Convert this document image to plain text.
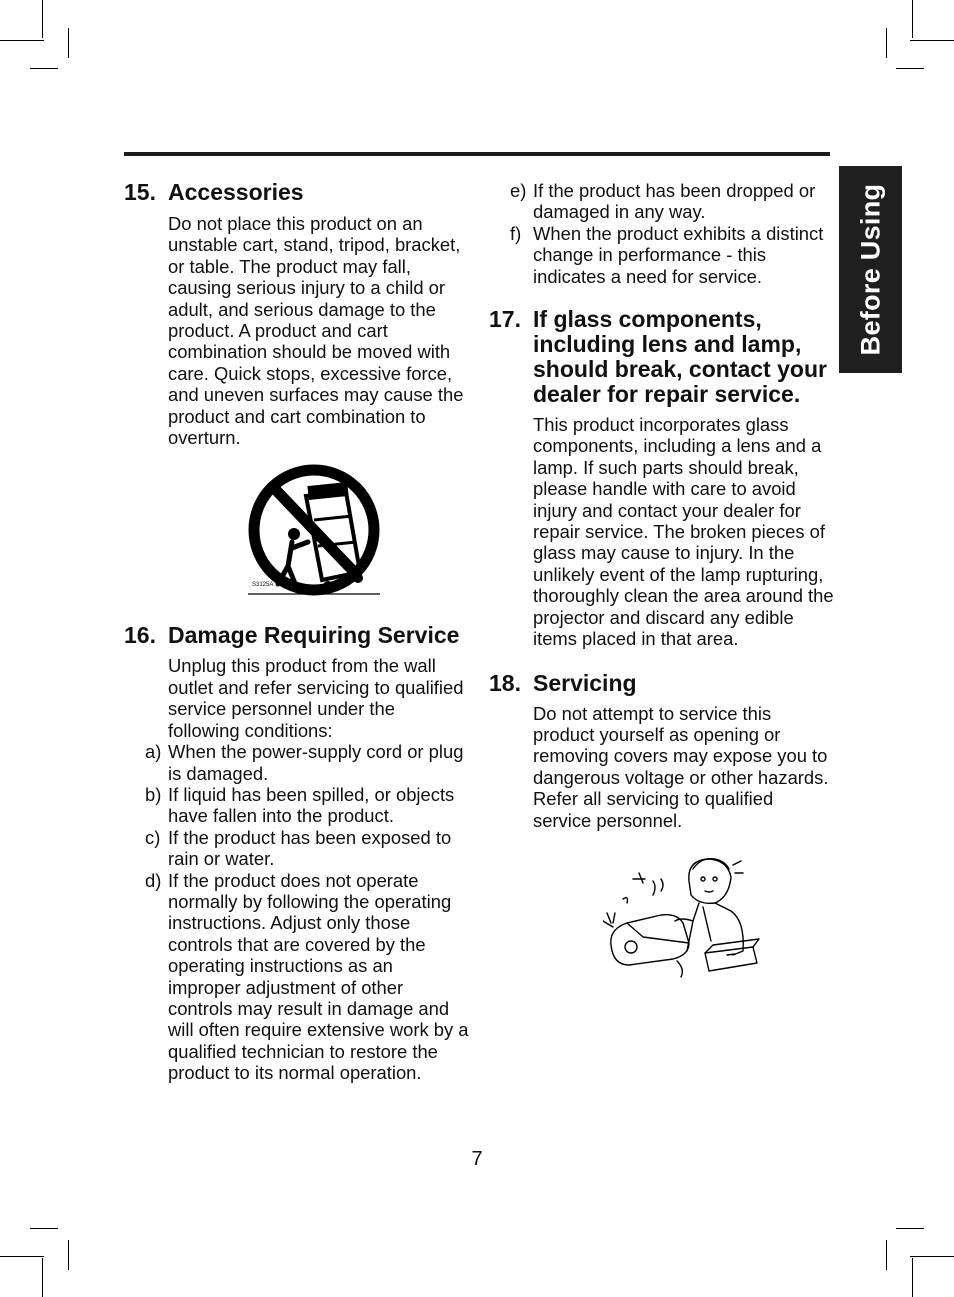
Before Using
15. Accessories

Do not place this product on an unstable cart, stand, tripod, bracket, or table. The product may fall, causing serious injury to a child or adult, and serious damage to the product. A product and cart combination should be moved with care. Quick stops, excessive force, and uneven surfaces may cause the product and cart combination to overturn.

S3125A
16. Damage Requiring Service

Unplug this product from the wall outlet and refer servicing to qualified service personnel under the following conditions:

a) When the power-supply cord or plug is damaged.

b) If liquid has been spilled, or objects have fallen into the product.

c) If the product has been exposed to rain or water.

d) If the product does not operate normally by following the operating instructions. Adjust only those controls that are covered by the operating instructions as an improper adjustment of other controls may result in damage and will often require extensive work by a qualified technician to restore the product to its normal operation.

e) If the product has been dropped or damaged in any way.

f) When the product exhibits a distinct change in performance - this indicates a need for service.

17. If glass components, including lens and lamp, should break, contact your dealer for repair service.

This product incorporates glass components, including a lens and a lamp. If such parts should break, please handle with care to avoid injury and contact your dealer for repair service. The broken pieces of glass may cause to injury. In the unlikely event of the lamp rupturing, thoroughly clean the area around the projector and discard any edible items placed in that area.

18. Servicing

Do not attempt to service this product yourself as opening or removing covers may expose you to dangerous voltage or other hazards. Refer all servicing to qualified service personnel.

7
